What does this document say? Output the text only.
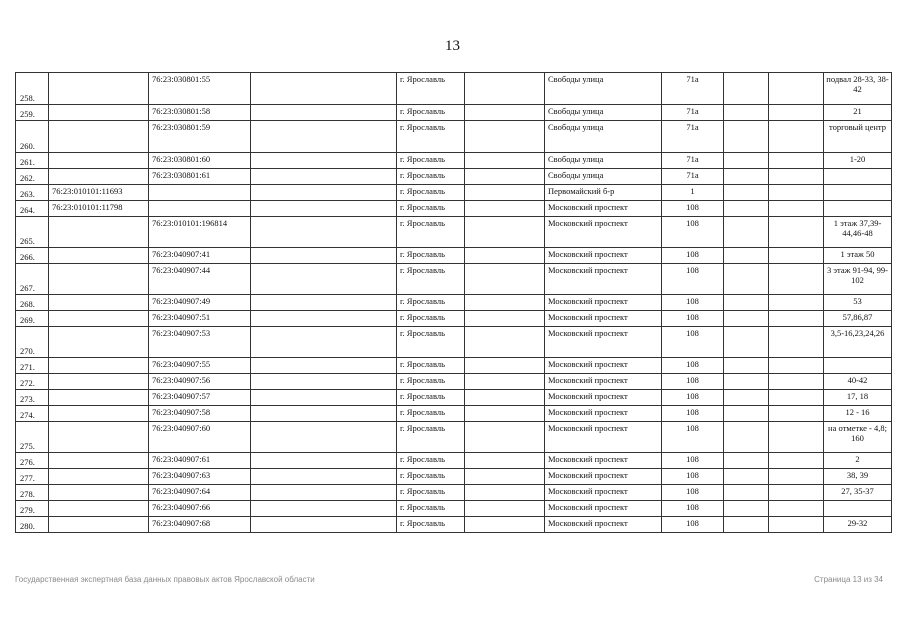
13
258.		76:23:030801:55		г. Ярославль		Свободы улица	71а			подвал 28-33, 38-42
259.		76:23:030801:58		г. Ярославль		Свободы улица	71а			21
260.		76:23:030801:59		г. Ярославль		Свободы улица	71а			торговый центр
261.		76:23:030801:60		г. Ярославль		Свободы улица	71а			1-20
262.		76:23:030801:61		г. Ярославль		Свободы улица	71а			
263.	76:23:010101:11693			г. Ярославль		Первомайский б-р	1			
264.	76:23:010101:11798			г. Ярославль		Московский проспект	108			
265.		76:23:010101:196814		г. Ярославль		Московский проспект	108			1 этаж 37,39-44,46-48
266.		76:23:040907:41		г. Ярославль		Московский проспект	108			1 этаж 50
267.		76:23:040907:44		г. Ярославль		Московский проспект	108			3 этаж 91-94, 99-102
268.		76:23:040907:49		г. Ярославль		Московский проспект	108			53
269.		76:23:040907:51		г. Ярославль		Московский проспект	108			57,86,87
270.		76:23:040907:53		г. Ярославль		Московский проспект	108			3,5-16,23,24,26
271.		76:23:040907:55		г. Ярославль		Московский проспект	108			
272.		76:23:040907:56		г. Ярославль		Московский проспект	108			40-42
273.		76:23:040907:57		г. Ярославль		Московский проспект	108			17, 18
274.		76:23:040907:58		г. Ярославль		Московский проспект	108			12 - 16
275.		76:23:040907:60		г. Ярославль		Московский проспект	108			на отметке - 4,8; 160
276.		76:23:040907:61		г. Ярославль		Московский проспект	108			2
277.		76:23:040907:63		г. Ярославль		Московский проспект	108			38, 39
278.		76:23:040907:64		г. Ярославль		Московский проспект	108			27, 35-37
279.		76:23:040907:66		г. Ярославль		Московский проспект	108			
280.		76:23:040907:68		г. Ярославль		Московский проспект	108			29-32
Государственная экспертная база данных правовых актов Ярославской области	Страница 13 из 34
